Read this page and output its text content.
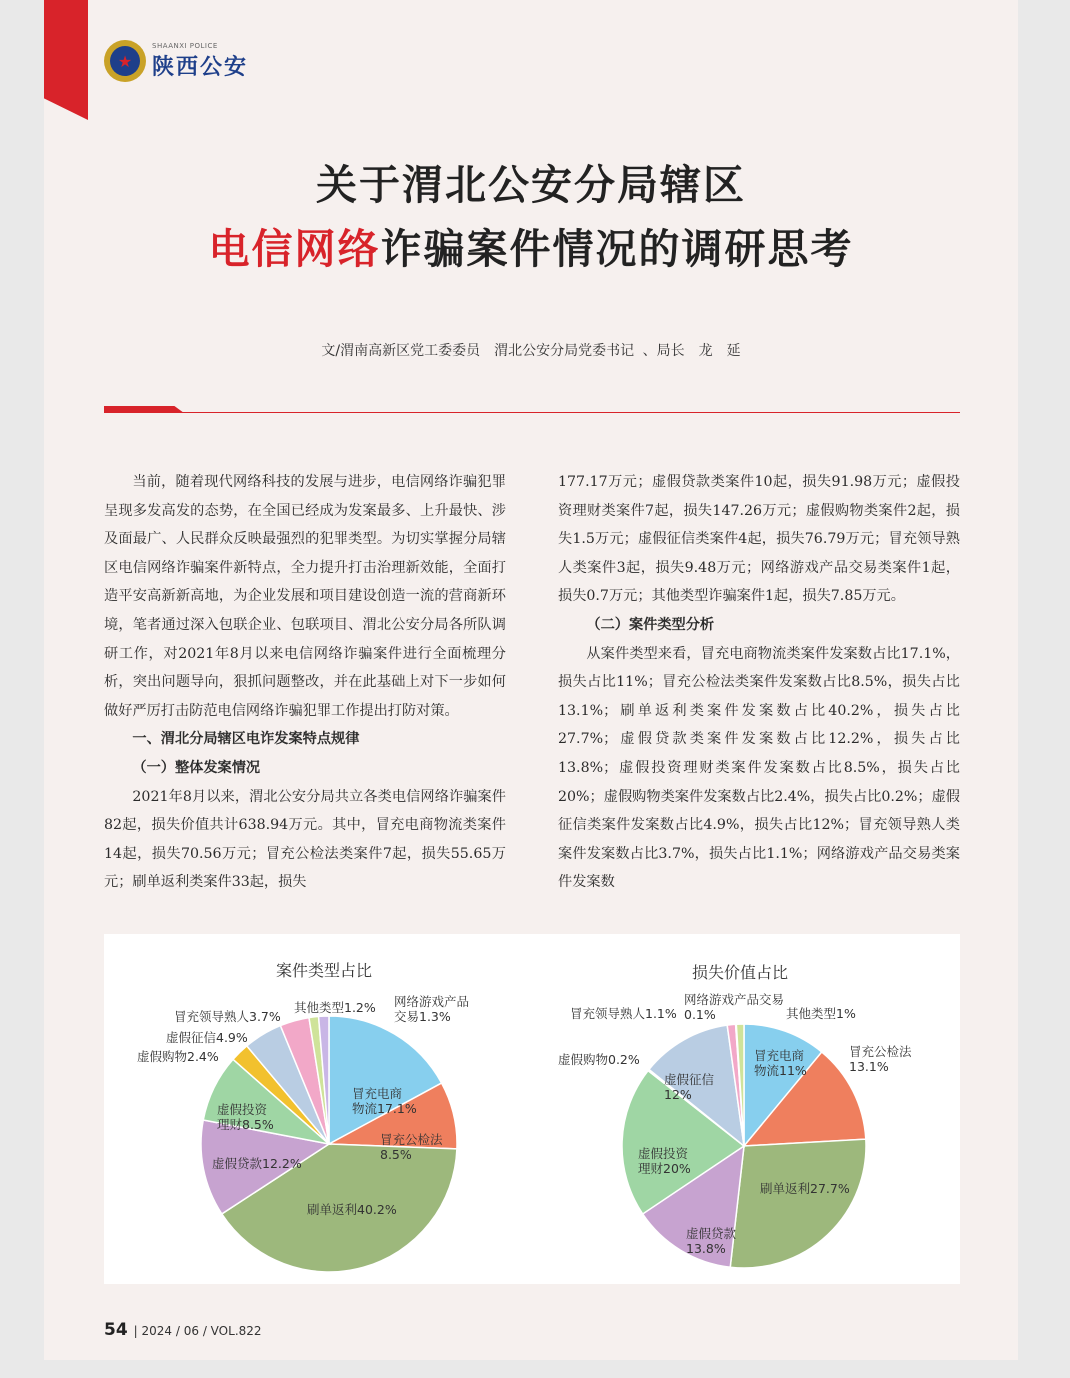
★
SHAANXI POLICE
陕西公安
关于渭北公安分局辖区
电信网络诈骗案件情况的调研思考
文/渭南高新区党工委委员　渭北公安分局党委书记 、局长　龙　延

当前，随着现代网络科技的发展与进步，电信网络诈骗犯罪呈现多发高发的态势，在全国已经成为发案最多、上升最快、涉及面最广、人民群众反映最强烈的犯罪类型。为切实掌握分局辖区电信网络诈骗案件新特点，全力提升打击治理新效能，全面打造平安高新新高地，为企业发展和项目建设创造一流的营商新环境，笔者通过深入包联企业、包联项目、渭北公安分局各所队调研工作，对2021年8月以来电信网络诈骗案件进行全面梳理分析，突出问题导向，狠抓问题整改，并在此基础上对下一步如何做好严厉打击防范电信网络诈骗犯罪工作提出打防对策。

一、渭北分局辖区电诈发案特点规律

（一）整体发案情况

2021年8月以来，渭北公安分局共立各类电信网络诈骗案件82起，损失价值共计638.94万元。其中，冒充电商物流类案件14起，损失70.56万元；冒充公检法类案件7起，损失55.65万元；刷单返利类案件33起，损失

177.17万元；虚假贷款类案件10起，损失91.98万元；虚假投资理财类案件7起，损失147.26万元；虚假购物类案件2起，损失1.5万元；虚假征信类案件4起，损失76.79万元；冒充领导熟人类案件3起，损失9.48万元；网络游戏产品交易类案件1起，损失0.7万元；其他类型诈骗案件1起，损失7.85万元。

（二）案件类型分析

从案件类型来看，冒充电商物流类案件发案数占比17.1%，损失占比11%；冒充公检法类案件发案数占比8.5%，损失占比13.1%；刷单返利类案件发案数占比40.2%，损失占比27.7%；虚假贷款类案件发案数占比12.2%，损失占比13.8%；虚假投资理财类案件发案数占比8.5%，损失占比20%；虚假购物类案件发案数占比2.4%，损失占比0.2%；虚假征信类案件发案数占比4.9%，损失占比12%；冒充领导熟人类案件发案数占比3.7%，损失占比1.1%；网络游戏产品交易类案件发案数

案件类型占比	损失价值占比
冒充电商
物流17.1%
冒充公检法
8.5%
刷单返利40.2%
虚假贷款12.2%
虚假投资
理财8.5%
虚假购物2.4%
虚假征信4.9%
冒充领导熟人3.7%
其他类型1.2% 网络游戏产品
交易1.3%
冒充电商
物流11%
冒充公检法
13.1%
刷单返利27.7%
虚假贷款
13.8%
虚假投资
理财20%
虚假购物0.2%
虚假征信
12%
冒充领导熟人1.1%
网络游戏产品交易
0.1%	其他类型1%
54 | 2024 / 06 / VOL.822
